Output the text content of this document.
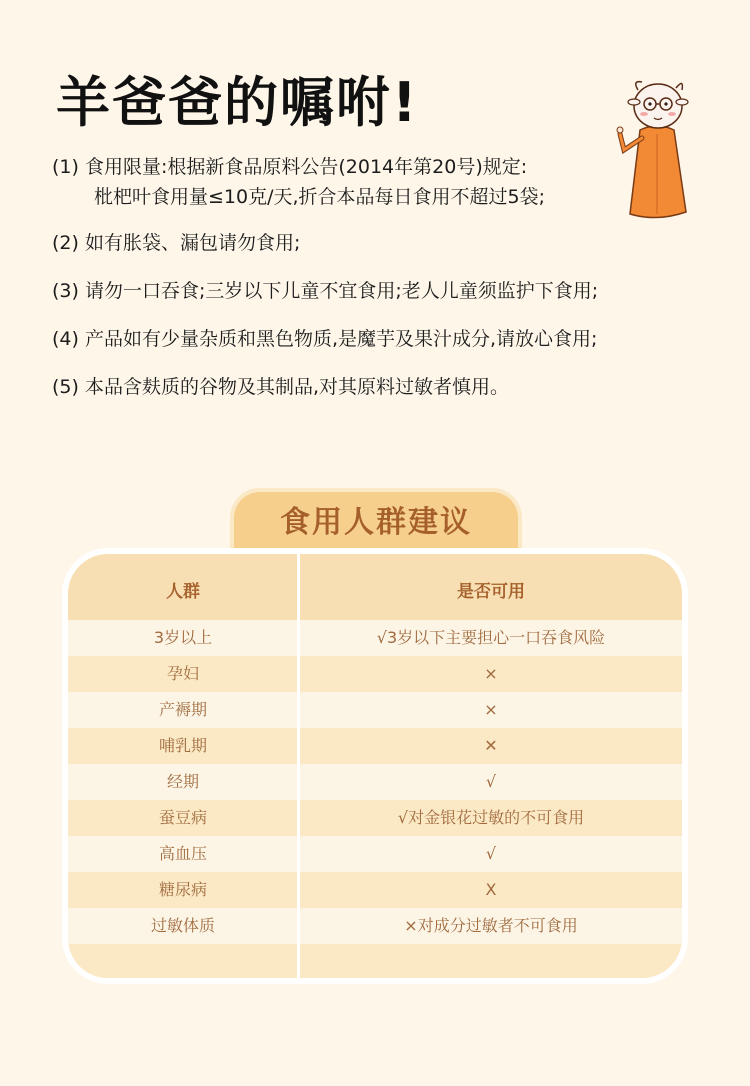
羊爸爸的嘱咐!
(1) 食用限量:根据新食品原料公告(2014年第20号)规定:
枇杷叶食用量≤10克/天,折合本品每日食用不超过5袋;
(2) 如有胀袋、漏包请勿食用;
(3) 请勿一口吞食;三岁以下儿童不宜食用;老人儿童须监护下食用;
(4) 产品如有少量杂质和黑色物质,是魔芋及果汁成分,请放心食用;
(5) 本品含麸质的谷物及其制品,对其原料过敏者慎用。
食用人群建议
人群	是否可用
3岁以上	√3岁以下主要担心一口吞食风险
孕妇	×
产褥期	×
哺乳期	✕
经期	√
蚕豆病	√对金银花过敏的不可食用
高血压	√
糖尿病	X
过敏体质	×对成分过敏者不可食用
